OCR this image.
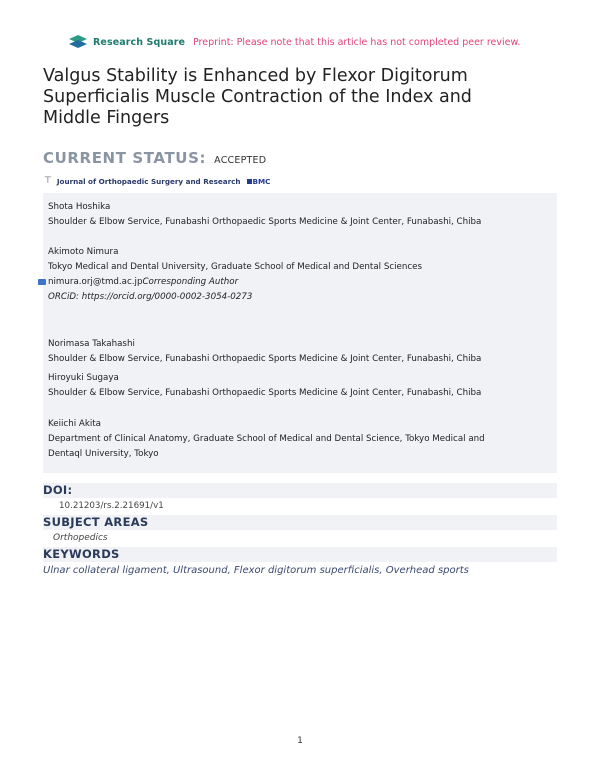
Research Square Preprint: Please note that this article has not completed peer review.
Valgus Stability is Enhanced by Flexor Digitorum
Superficialis Muscle Contraction of the Index and
Middle Fingers
CURRENT STATUS: ACCEPTED
⊤ Journal of Orthopaedic Surgery and Research BMC
Shota Hoshika
Shoulder & Elbow Service, Funabashi Orthopaedic Sports Medicine & Joint Center, Funabashi, Chiba
Akimoto Nimura
Tokyo Medical and Dental University, Graduate School of Medical and Dental Sciences
nimura.orj@tmd.ac.jpCorresponding Author
ORCiD: https://orcid.org/0000-0002-3054-0273
Norimasa Takahashi
Shoulder & Elbow Service, Funabashi Orthopaedic Sports Medicine & Joint Center, Funabashi, Chiba
Hiroyuki Sugaya
Shoulder & Elbow Service, Funabashi Orthopaedic Sports Medicine & Joint Center, Funabashi, Chiba
Keiichi Akita
Department of Clinical Anatomy, Graduate School of Medical and Dental Science, Tokyo Medical and
Dentaql University, Tokyo
DOI:
10.21203/rs.2.21691/v1
SUBJECT AREAS
Orthopedics
KEYWORDS
Ulnar collateral ligament, Ultrasound, Flexor digitorum superficialis, Overhead sports
1
